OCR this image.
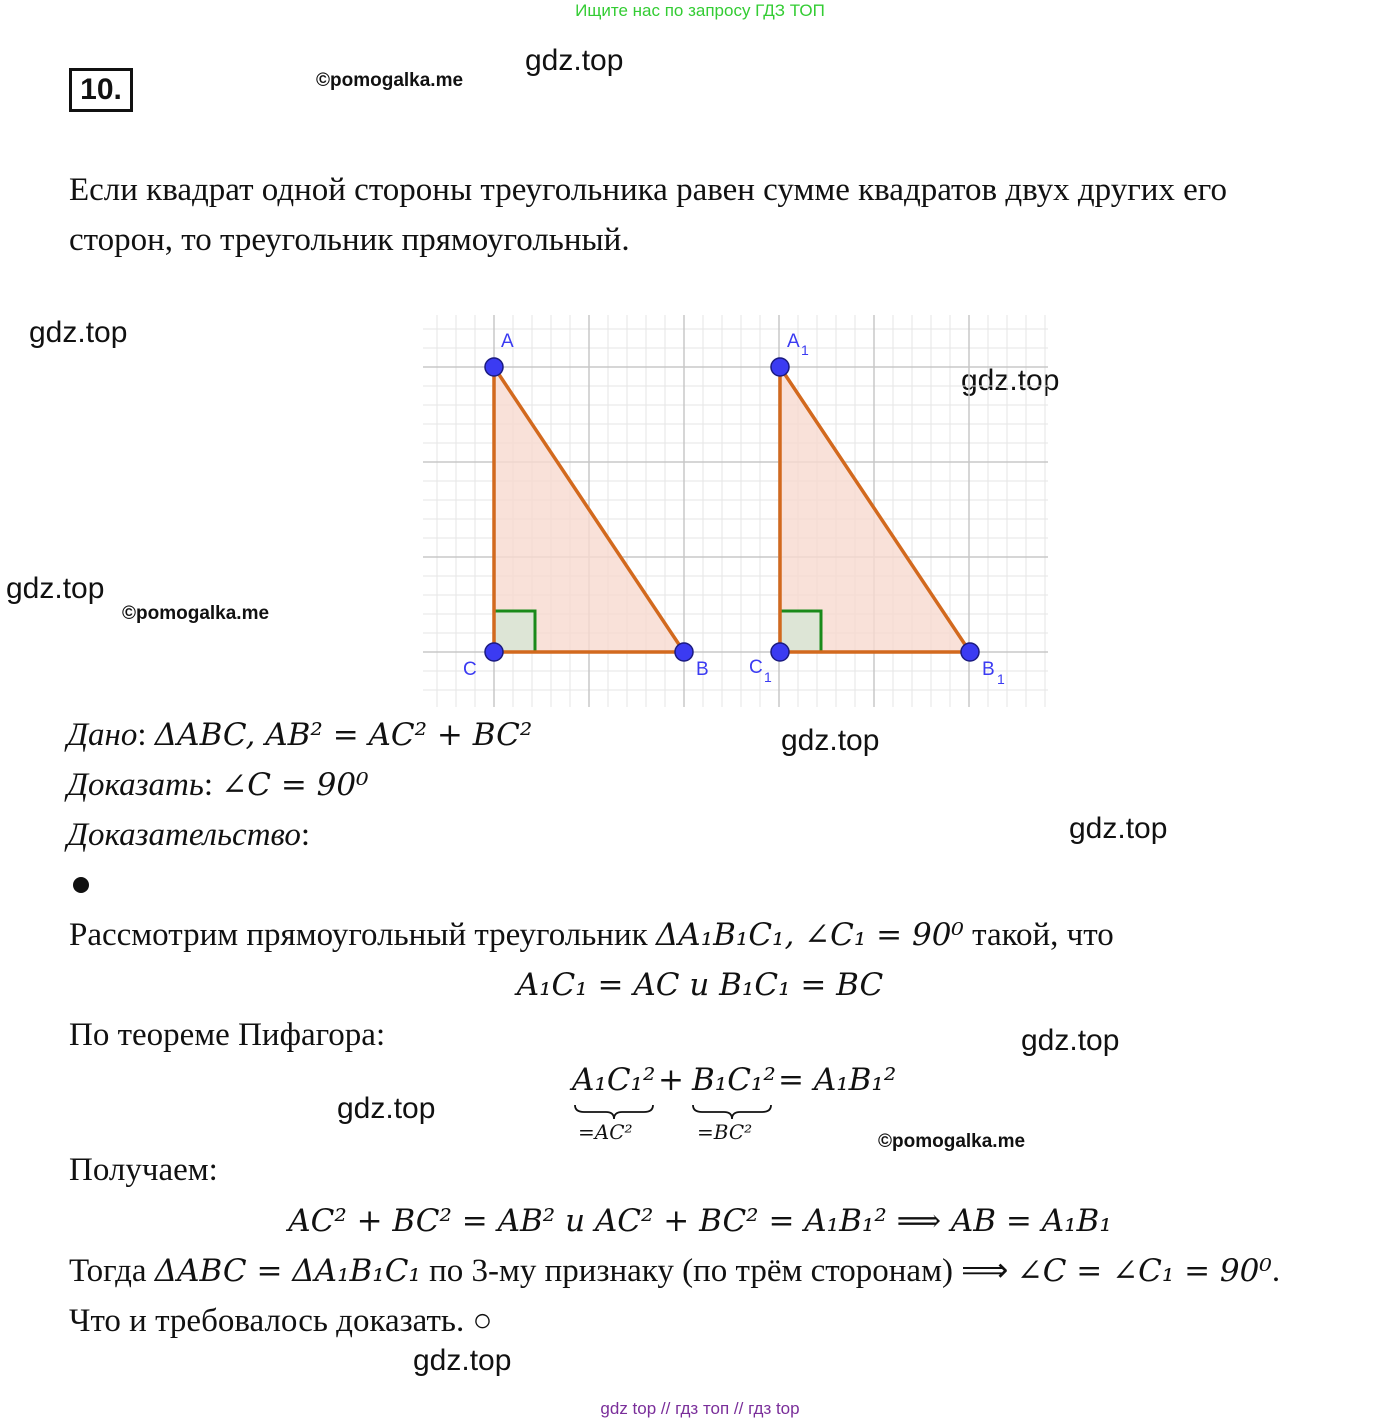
Ищите нас по запросу ГДЗ ТОП
10.	©pomogalka.me
gdz.top
Если квадрат одной стороны треугольника равен сумме квадратов двух других его
сторон, то треугольник прямоугольный.
gdz.top
gdz.top
gdz.top
©pomogalka.me
A
C	B
A 1
C 1	B 1
Дано: ΔABC, AB² = AC² + BC²	gdz.top
Доказать: ∠C = 90⁰
Доказательство:	gdz.top
Рассмотрим прямоугольный треугольник ΔA₁B₁C₁, ∠C₁ = 90⁰ такой, что
A₁C₁ = AC и B₁C₁ = BC
По теореме Пифагора:	gdz.top
A₁C₁² + B₁C₁² = A₁B₁²
=AC²	=BC²
gdz.top
©pomogalka.me
Получаем:
AC² + BC² = AB² и AC² + BC² = A₁B₁² ⟹ AB = A₁B₁
Тогда ΔABC = ΔA₁B₁C₁ по 3-му признаку (по трём сторонам) ⟹ ∠C = ∠C₁ = 90⁰.
Что и требовалось доказать. ○
gdz.top
gdz top // гдз топ // гдз top
